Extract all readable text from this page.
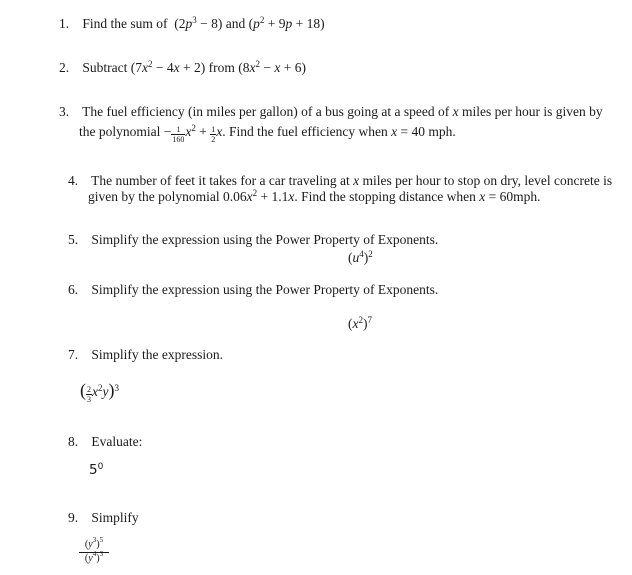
1. Find the sum of  $(2p^3 - 8)$ and $(p^2 + 9p + 18)$
2. Subtract $(7x^2 - 4x + 2)$ from $(8x^2 - x + 6)$
3. The fuel efficiency (in miles per gallon) of a bus going at a speed of x miles per hour is given by
the polynomial − $\frac{1}{160} x^2 + \frac{1}{2} x$. Find the fuel efficiency when x = 40 mph.
4. The number of feet it takes for a car traveling at x miles per hour to stop on dry, level concrete is
given by the polynomial $0.06x^2 + 1.1x$. Find the stopping distance when x = 60mph.
5. Simplify the expression using the Power Property of Exponents.
$(u^4)^2$
6. Simplify the expression using the Power Property of Exponents.
$(x^2)^7$
7. Simplify the expression.
( $\frac{2}{3} x^2y)^3$
8. Evaluate:
$5^0$
9. Simplify
$(y^3)^5$
$(y^4)^3$
